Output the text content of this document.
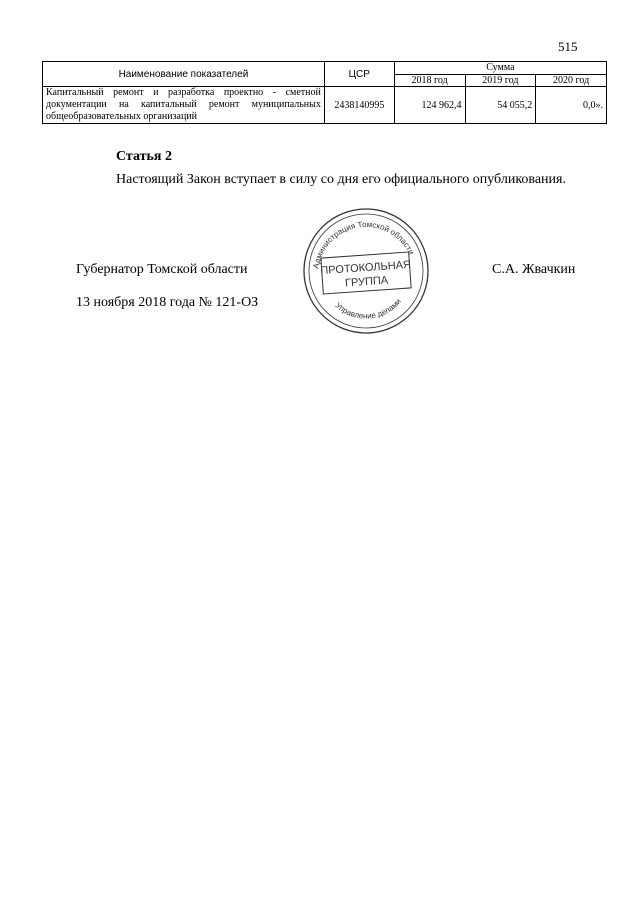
515
Наименование показателей	ЦСР	Сумма		
		2018 год	2019 год	2020 год
Капитальный ремонт и разработка проектно - сметной документации на капитальный ремонт муниципальных общеобразовательных организаций	2438140995	124 962,4	54 055,2	0,0».
Статья 2
Настоящий Закон вступает в силу со дня его официального опубликования.
Губернатор Томской области	С.А. Жвачкин
13 ноября 2018 года № 121-ОЗ
Администрация Томской области
ПРОТОКОЛЬНАЯ
ГРУППА
Управление делами
